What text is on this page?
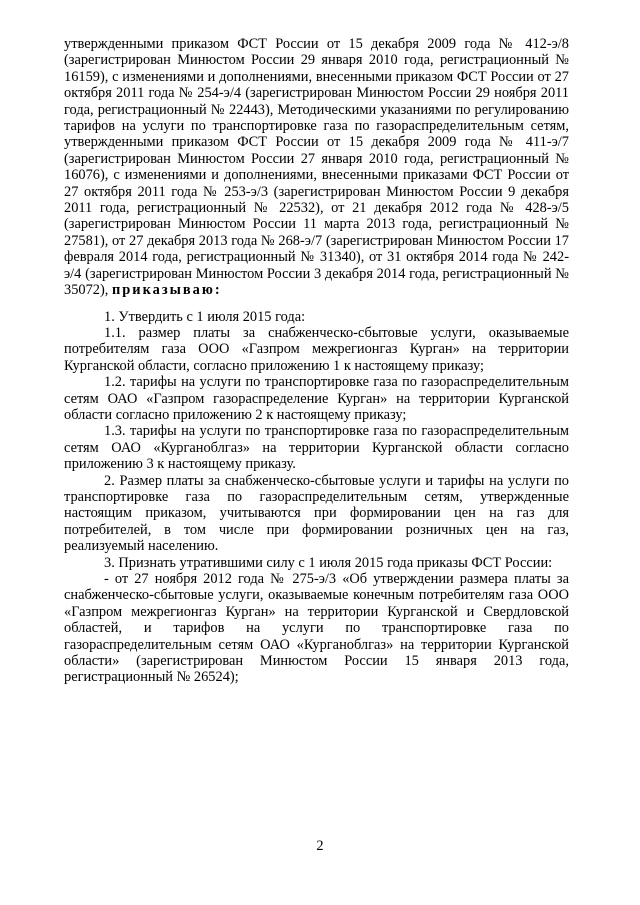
утвержденными приказом ФСТ России от 15 декабря 2009 года № 412-э/8 (зарегистрирован Минюстом России 29 января 2010 года, регистрационный № 16159), с изменениями и дополнениями, внесенными приказом ФСТ России от 27 октября 2011 года № 254-э/4 (зарегистрирован Минюстом России 29 ноября 2011 года, регистрационный № 22443), Методическими указаниями по регулированию тарифов на услуги по транспортировке газа по газораспределительным сетям, утвержденными приказом ФСТ России от 15 декабря 2009 года № 411-э/7 (зарегистрирован Минюстом России 27 января 2010 года, регистрационный № 16076), с изменениями и дополнениями, внесенными приказами ФСТ России от 27 октября 2011 года № 253-э/3 (зарегистрирован Минюстом России 9 декабря 2011 года, регистрационный № 22532), от 21 декабря 2012 года № 428-э/5 (зарегистрирован Минюстом России 11 марта 2013 года, регистрационный № 27581), от 27 декабря 2013 года № 268-э/7 (зарегистрирован Минюстом России 17 февраля 2014 года, регистрационный № 31340), от 31 октября 2014 года № 242-э/4 (зарегистрирован Минюстом России 3 декабря 2014 года, регистрационный № 35072), приказываю:

1. Утвердить с 1 июля 2015 года:

1.1. размер платы за снабженческо-сбытовые услуги, оказываемые потребителям газа ООО «Газпром межрегионгаз Курган» на территории Курганской области, согласно приложению 1 к настоящему приказу;

1.2. тарифы на услуги по транспортировке газа по газораспределительным сетям ОАО «Газпром газораспределение Курган» на территории Курганской области согласно приложению 2 к настоящему приказу;

1.3. тарифы на услуги по транспортировке газа по газораспределительным сетям ОАО «Курганоблгаз» на территории Курганской области согласно приложению 3 к настоящему приказу.

2. Размер платы за снабженческо-сбытовые услуги и тарифы на услуги по транспортировке газа по газораспределительным сетям, утвержденные настоящим приказом, учитываются при формировании цен на газ для потребителей, в том числе при формировании розничных цен на газ, реализуемый населению.

3. Признать утратившими силу с 1 июля 2015 года приказы ФСТ России:

- от 27 ноября 2012 года № 275-э/3 «Об утверждении размера платы за снабженческо-сбытовые услуги, оказываемые конечным потребителям газа ООО «Газпром межрегионгаз Курган» на территории Курганской и Свердловской областей, и тарифов на услуги по транспортировке газа по газораспределительным сетям ОАО «Курганоблгаз» на территории Курганской области» (зарегистрирован Минюстом России 15 января 2013 года, регистрационный № 26524);

2
